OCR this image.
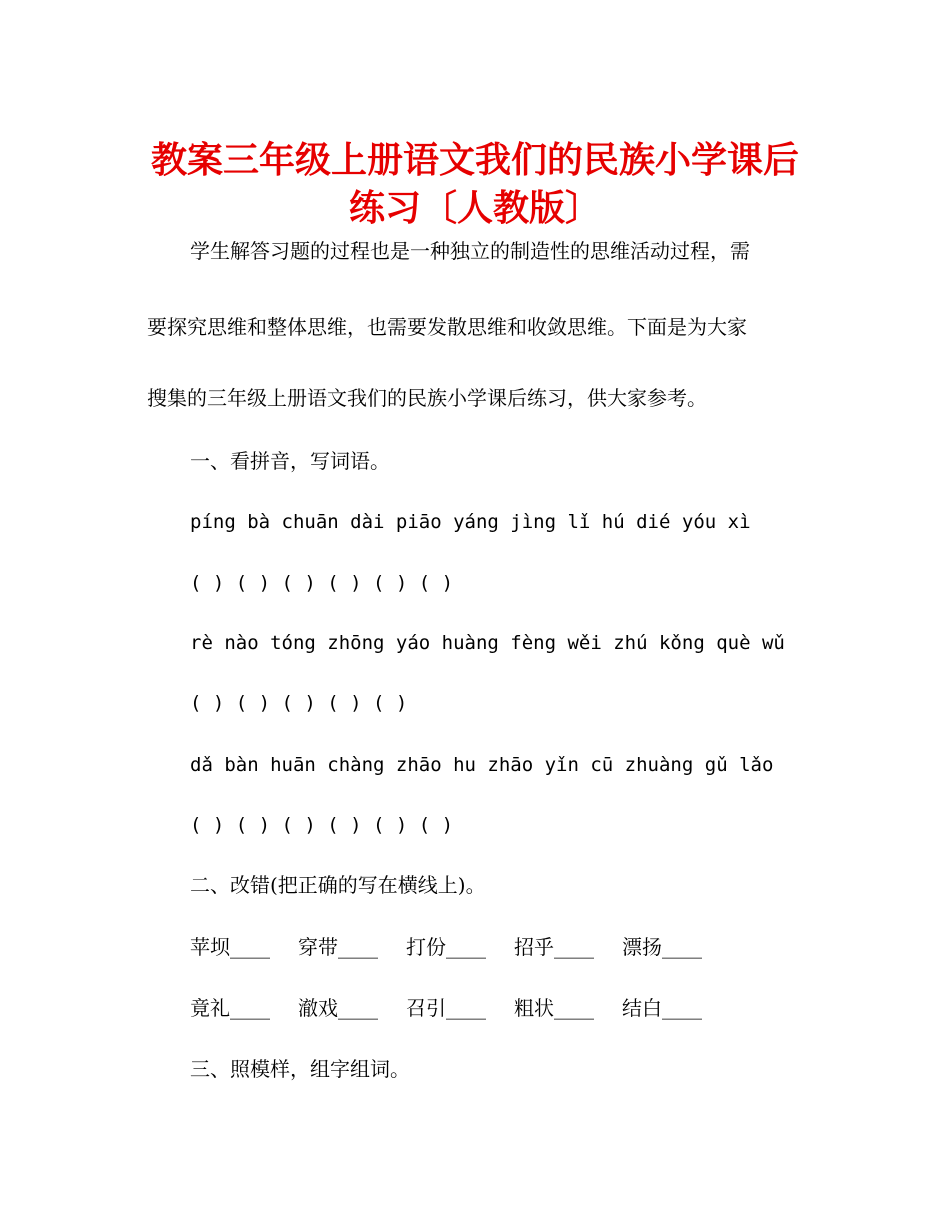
教案三年级上册语文我们的民族小学课后
练习〔人教版〕

学生解答习题的过程也是一种独立的制造性的思维活动过程，需

要探究思维和整体思维，也需要发散思维和收敛思维。下面是为大家

搜集的三年级上册语文我们的民族小学课后练习，供大家参考。

一、看拼音，写词语。

píng bà chuān dài piāo yáng jìng lǐ hú dié yóu xì

( ) ( ) ( ) ( ) ( ) ( )

rè nào tóng zhōng yáo huàng fèng wěi zhú kǒng què wǔ

( ) ( ) ( ) ( ) ( )

dǎ bàn huān chàng zhāo hu zhāo yǐn cū zhuàng gǔ lǎo

( ) ( ) ( ) ( ) ( ) ( )

二、改错(把正确的写在横线上)。

苹坝____ 穿带____ 打份____ 招乎____ 漂扬____

竟礼____ 澈戏____ 召引____ 粗状____ 结白____

三、照模样，组字组词。
